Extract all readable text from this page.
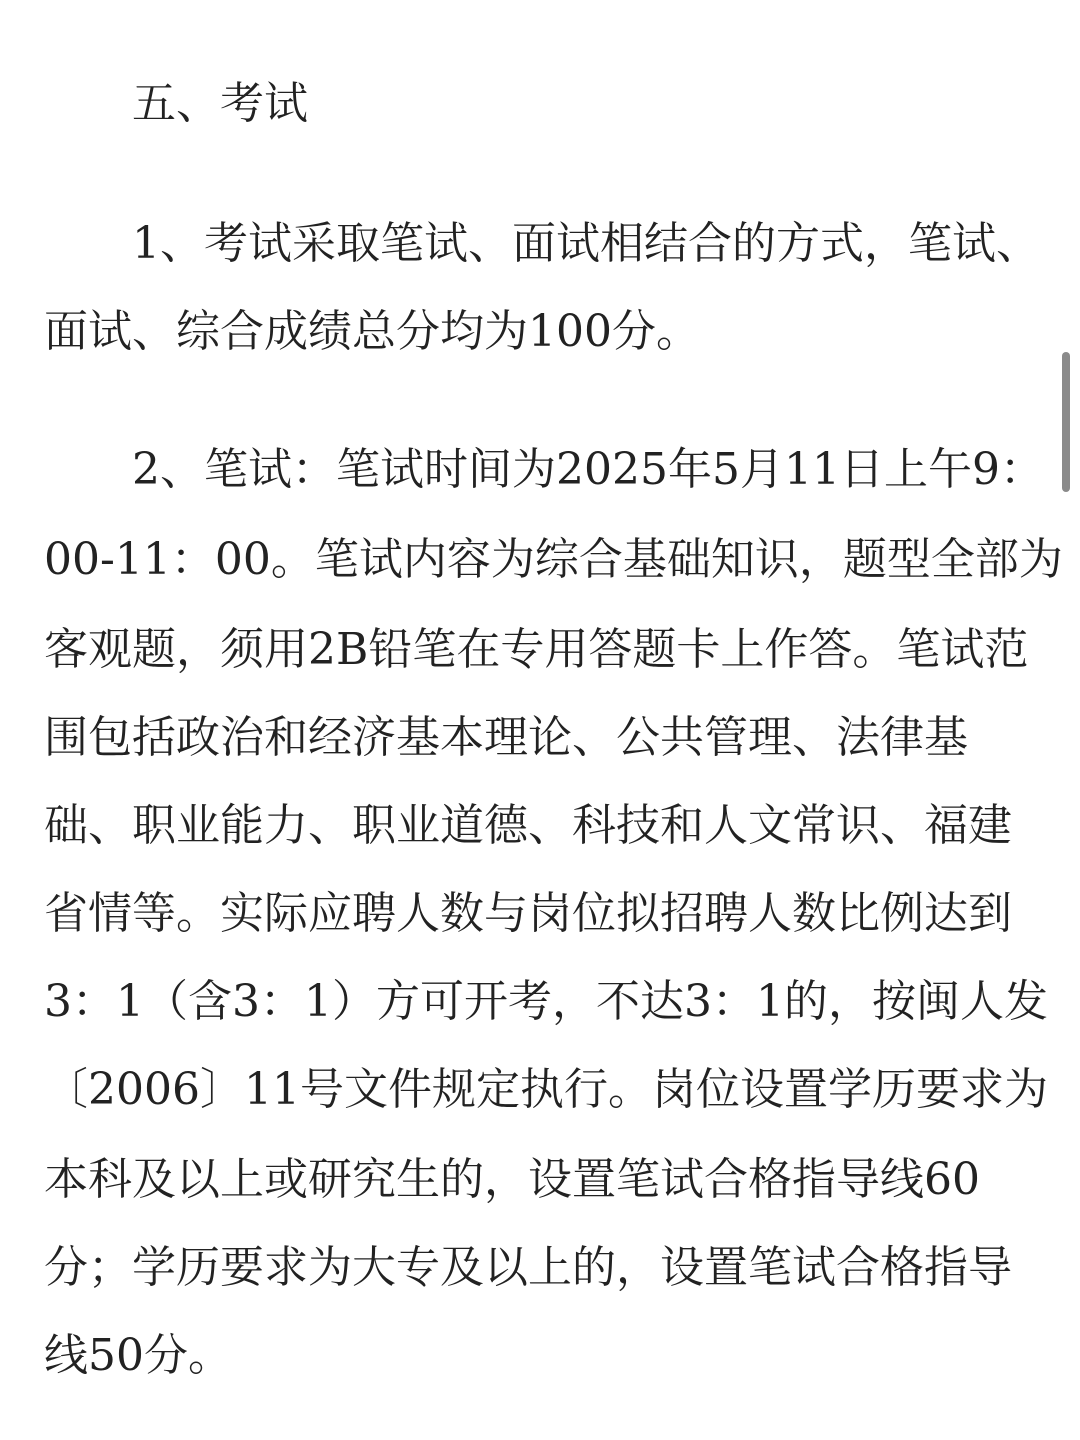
五、考试
1、考试采取笔试、面试相结合的方式，笔试、
面试、综合成绩总分均为100分。
2、笔试：笔试时间为2025年5月11日上午9：
00-11：00。笔试内容为综合基础知识，题型全部为
客观题，须用2B铅笔在专用答题卡上作答。笔试范
围包括政治和经济基本理论、公共管理、法律基
础、职业能力、职业道德、科技和人文常识、福建
省情等。实际应聘人数与岗位拟招聘人数比例达到
3：1（含3：1）方可开考，不达3：1的，按闽人发
〔2006〕11号文件规定执行。岗位设置学历要求为
本科及以上或研究生的，设置笔试合格指导线60
分；学历要求为大专及以上的，设置笔试合格指导
线50分。
